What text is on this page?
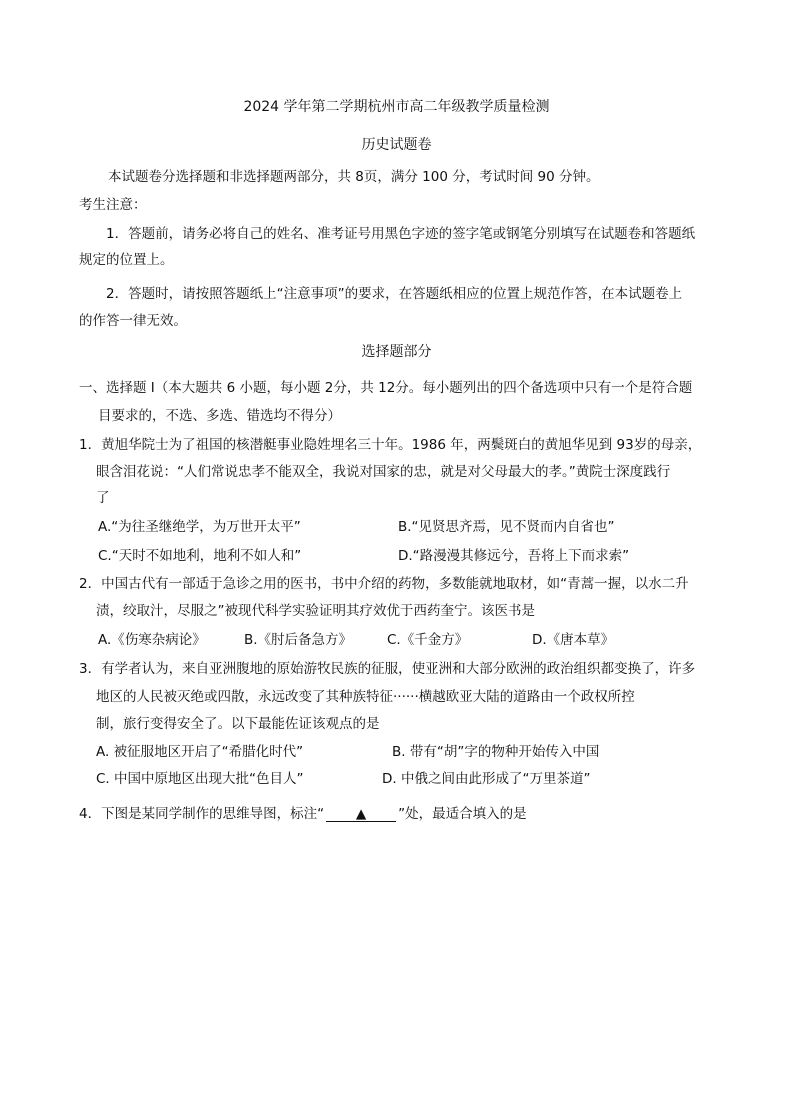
2024 学年第二学期杭州市高二年级教学质量检测
历史试题卷
本试题卷分选择题和非选择题两部分，共 8页，满分 100 分，考试时间 90 分钟。
考生注意：
1．答题前，请务必将自己的姓名、准考证号用黑色字迹的签字笔或钢笔分别填写在试题卷和答题纸
规定的位置上。
2．答题时，请按照答题纸上“注意事项”的要求，在答题纸相应的位置上规范作答，在本试题卷上
的作答一律无效。
选择题部分
一、选择题 I（本大题共 6 小题，每小题 2分，共 12分。每小题列出的四个备选项中只有一个是符合题
目要求的，不选、多选、错选均不得分）
1．黄旭华院士为了祖国的核潜艇事业隐姓埋名三十年。1986 年，两鬓斑白的黄旭华见到 93岁的母亲，
眼含泪花说：“人们常说忠孝不能双全，我说对国家的忠，就是对父母最大的孝。”黄院士深度践行
了
A.“为往圣继绝学，为万世开太平”	B.“见贤思齐焉，见不贤而内自省也”
C.“天时不如地利，地利不如人和”	D.“路漫漫其修远兮，吾将上下而求索”
2．中国古代有一部适于急诊之用的医书，书中介绍的药物，多数能就地取材，如“青蒿一握，以水二升
渍，绞取汁，尽服之”被现代科学实验证明其疗效优于西药奎宁。该医书是
A.《伤寒杂病论》	B.《肘后备急方》	C.《千金方》	D.《唐本草》
3．有学者认为，来自亚洲腹地的原始游牧民族的征服，使亚洲和大部分欧洲的政治组织都变换了，许多
地区的人民被灭绝或四散，永远改变了其种族特征······横越欧亚大陆的道路由一个政权所控
制，旅行变得安全了。以下最能佐证该观点的是
A. 被征服地区开启了“希腊化时代”	B. 带有“胡”字的物种开始传入中国
C. 中国中原地区出现大批“色目人”	D. 中俄之间由此形成了“万里茶道”
4．下图是某同学制作的思维导图，标注“ ▲ ”处，最适合填入的是
